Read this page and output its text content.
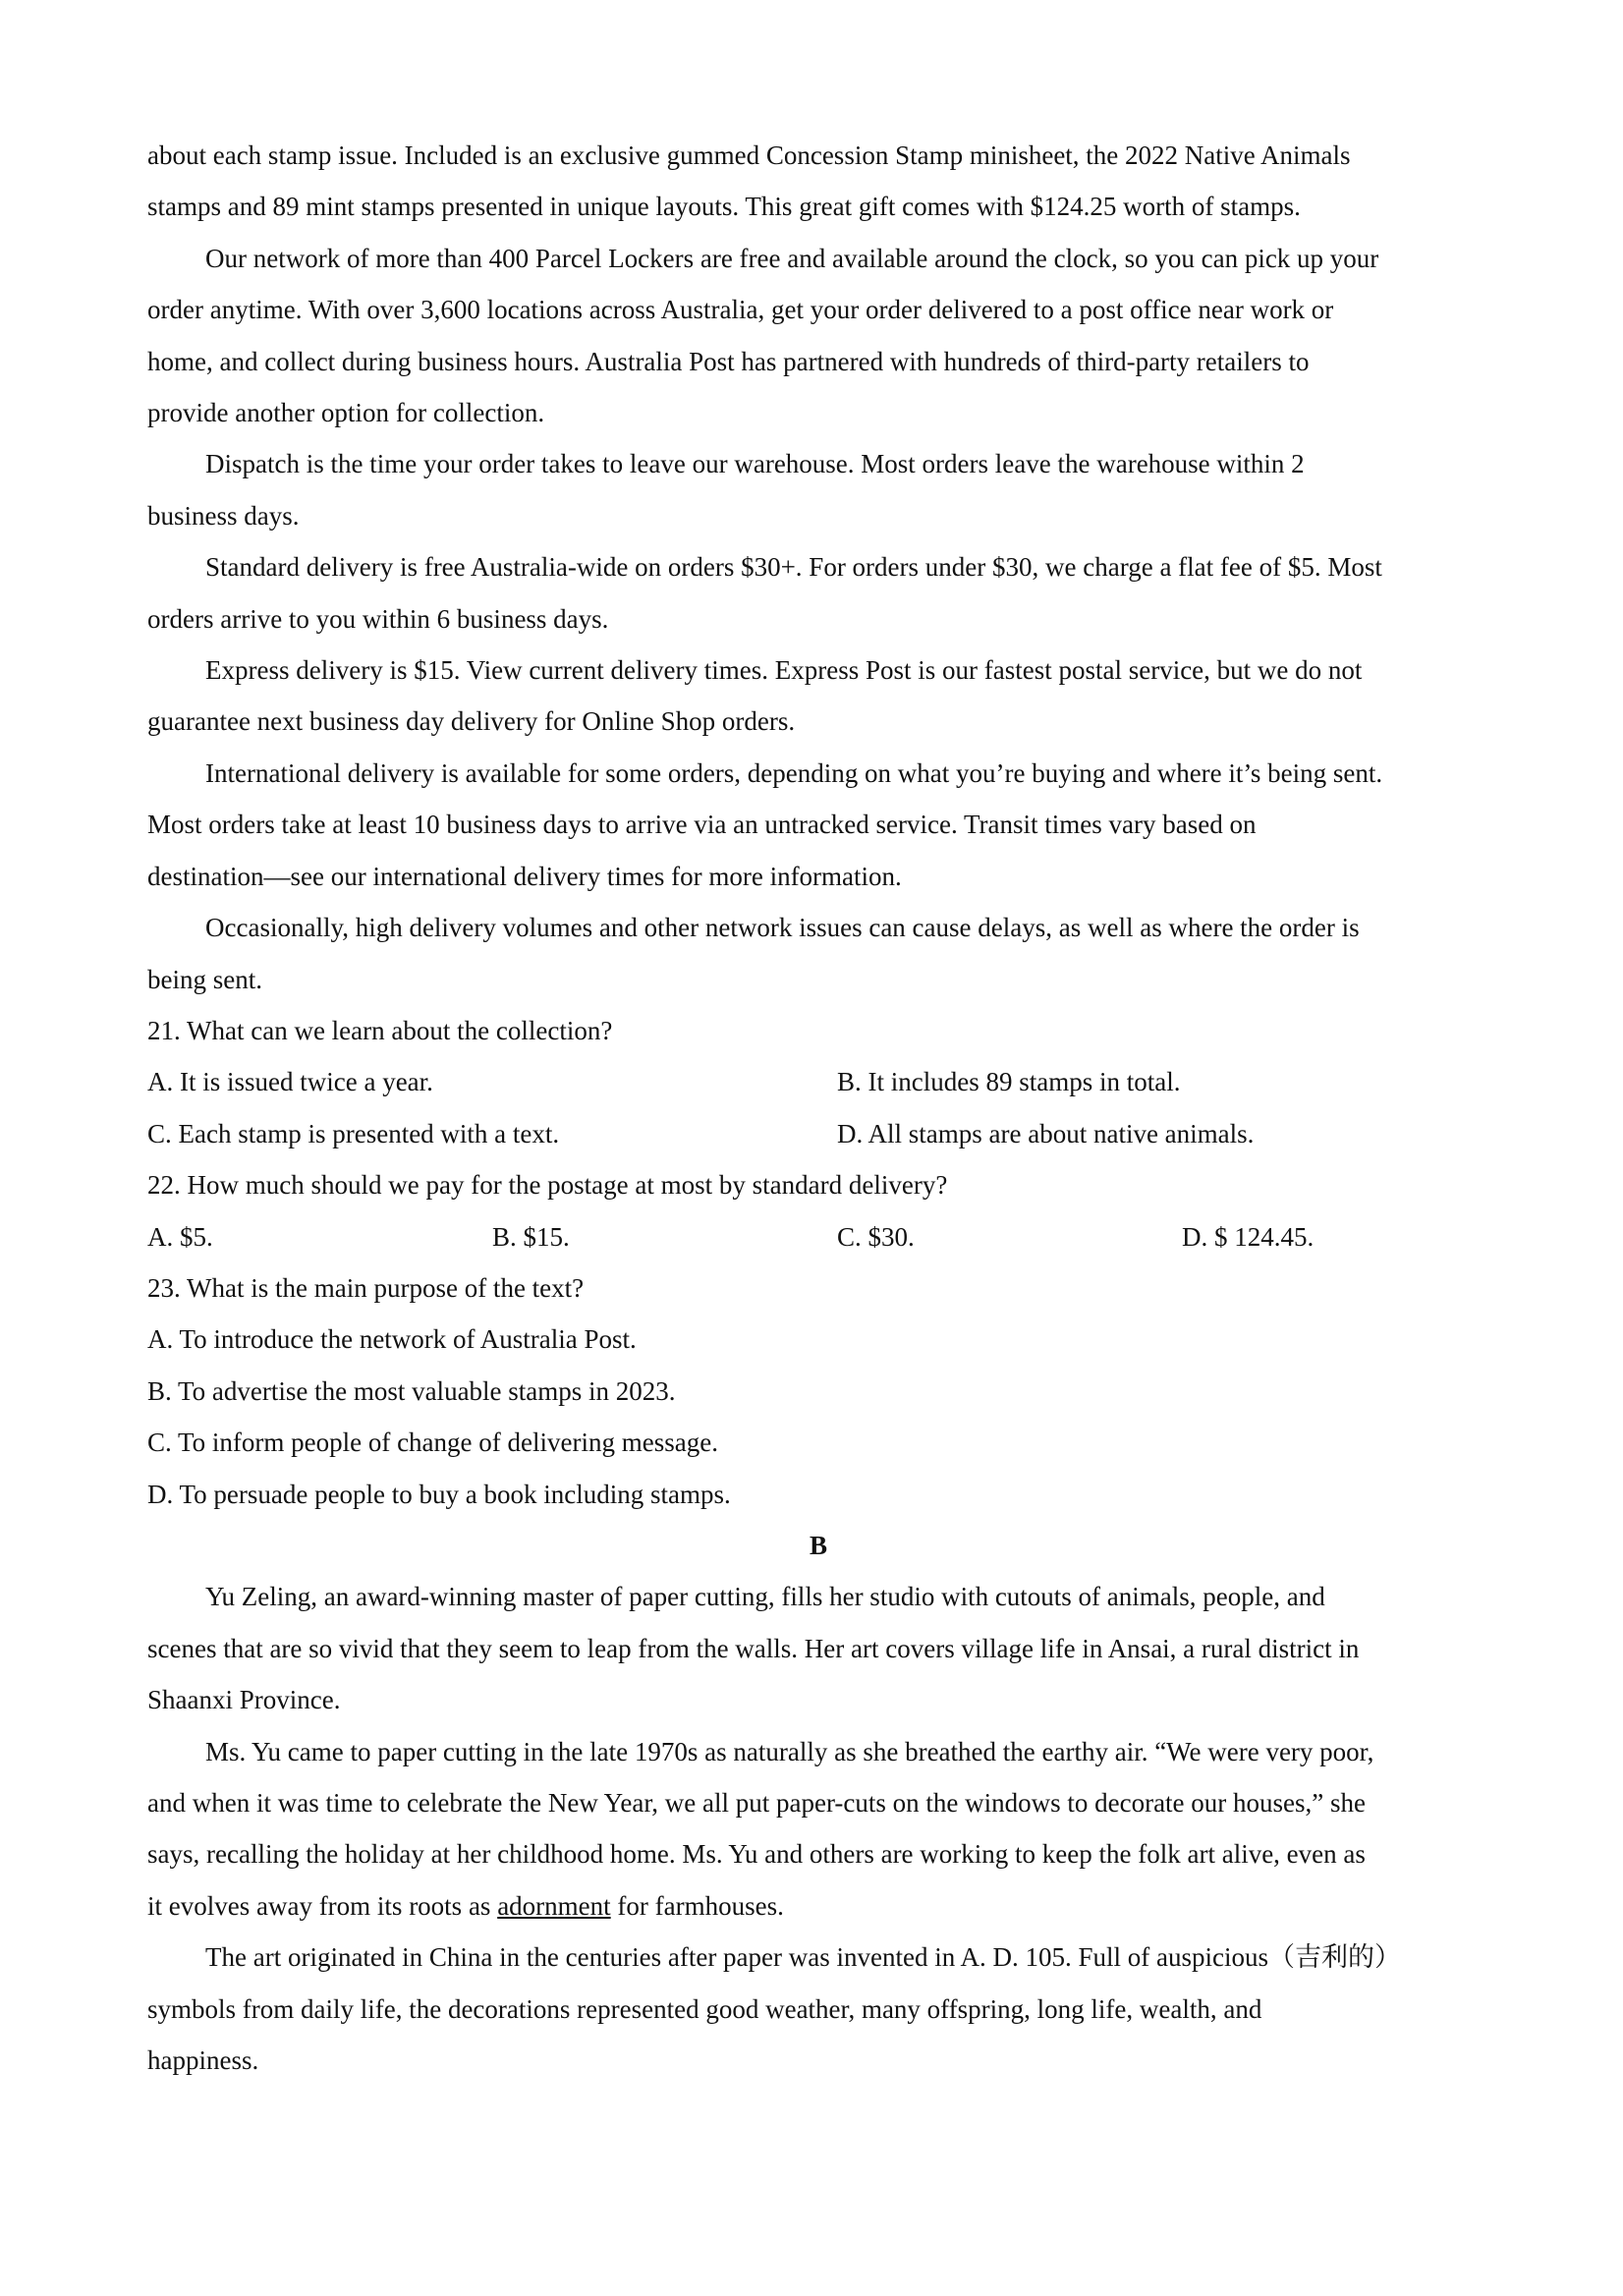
about each stamp issue. Included is an exclusive gummed Concession Stamp minisheet, the 2022 Native Animals
stamps and 89 mint stamps presented in unique layouts. This great gift comes with $124.25 worth of stamps.

Our network of more than 400 Parcel Lockers are free and available around the clock, so you can pick up your
order anytime. With over 3,600 locations across Australia, get your order delivered to a post office near work or
home, and collect during business hours. Australia Post has partnered with hundreds of third-party retailers to
provide another option for collection.

Dispatch is the time your order takes to leave our warehouse. Most orders leave the warehouse within 2
business days.

Standard delivery is free Australia-wide on orders $30+. For orders under $30, we charge a flat fee of $5. Most
orders arrive to you within 6 business days.

Express delivery is $15. View current delivery times. Express Post is our fastest postal service, but we do not
guarantee next business day delivery for Online Shop orders.

International delivery is available for some orders, depending on what you’re buying and where it’s being sent.
Most orders take at least 10 business days to arrive via an untracked service. Transit times vary based on
destination—see our international delivery times for more information.

Occasionally, high delivery volumes and other network issues can cause delays, as well as where the order is
being sent.

21. What can we learn about the collection?

A. It is issued twice a year.	B. It includes 89 stamps in total.
C. Each stamp is presented with a text.	D. All stamps are about native animals.

22. How much should we pay for the postage at most by standard delivery?

A. $5.	B. $15.	C. $30.	D. $ 124.45.

23. What is the main purpose of the text?

A. To introduce the network of Australia Post.

B. To advertise the most valuable stamps in 2023.

C. To inform people of change of delivering message.

D. To persuade people to buy a book including stamps.

B

Yu Zeling, an award-winning master of paper cutting, fills her studio with cutouts of animals, people, and
scenes that are so vivid that they seem to leap from the walls. Her art covers village life in Ansai, a rural district in
Shaanxi Province.

Ms. Yu came to paper cutting in the late 1970s as naturally as she breathed the earthy air. “We were very poor,
and when it was time to celebrate the New Year, we all put paper-cuts on the windows to decorate our houses,” she
says, recalling the holiday at her childhood home. Ms. Yu and others are working to keep the folk art alive, even as
it evolves away from its roots as adornment for farmhouses.

The art originated in China in the centuries after paper was invented in A. D. 105. Full of auspicious（吉利的）
symbols from daily life, the decorations represented good weather, many offspring, long life, wealth, and
happiness.
